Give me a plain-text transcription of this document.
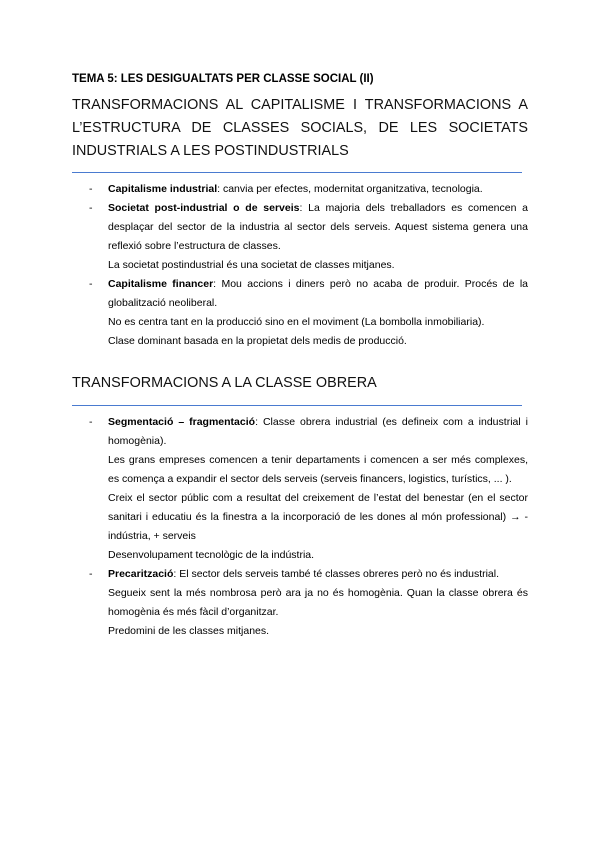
TEMA 5: LES DESIGUALTATS PER CLASSE SOCIAL (II)
TRANSFORMACIONS AL CAPITALISME I TRANSFORMACIONS A
L’ESTRUCTURA DE CLASSES SOCIALS, DE LES SOCIETATS
INDUSTRIALS A LES POSTINDUSTRIALS
- Capitalisme industrial: canvia per efectes, modernitat organitzativa, tecnologia.

- Societat post-industrial o de serveis: La majoria dels treballadors es comencen a desplaçar del sector de la industria al sector dels serveis. Aquest sistema genera una reflexió sobre l’estructura de classes.

La societat postindustrial és una societat de classes mitjanes.

- Capitalisme financer: Mou accions i diners però no acaba de produir. Procés de la globalització neoliberal.

No es centra tant en la producció sino en el moviment (La bombolla inmobiliaria).

Clase dominant basada en la propietat dels medis de producció.

TRANSFORMACIONS A LA CLASSE OBRERA
- Segmentació – fragmentació: Classe obrera industrial (es defineix com a industrial i homogènia).

Les grans empreses comencen a tenir departaments i comencen a ser més complexes, es comença a expandir el sector dels serveis (serveis financers, logistics, turístics, ... ).

Creix el sector públic com a resultat del creixement de l’estat del benestar (en el sector sanitari i educatiu és la finestra a la incorporació de les dones al món professional) → - indústria, + serveis

Desenvolupament tecnològic de la indústria.

- Precarització: El sector dels serveis també té classes obreres però no és industrial.

Segueix sent la més nombrosa però ara ja no és homogènia. Quan la classe obrera és homogènia és més fàcil d’organitzar.

Predomini de les classes mitjanes.
